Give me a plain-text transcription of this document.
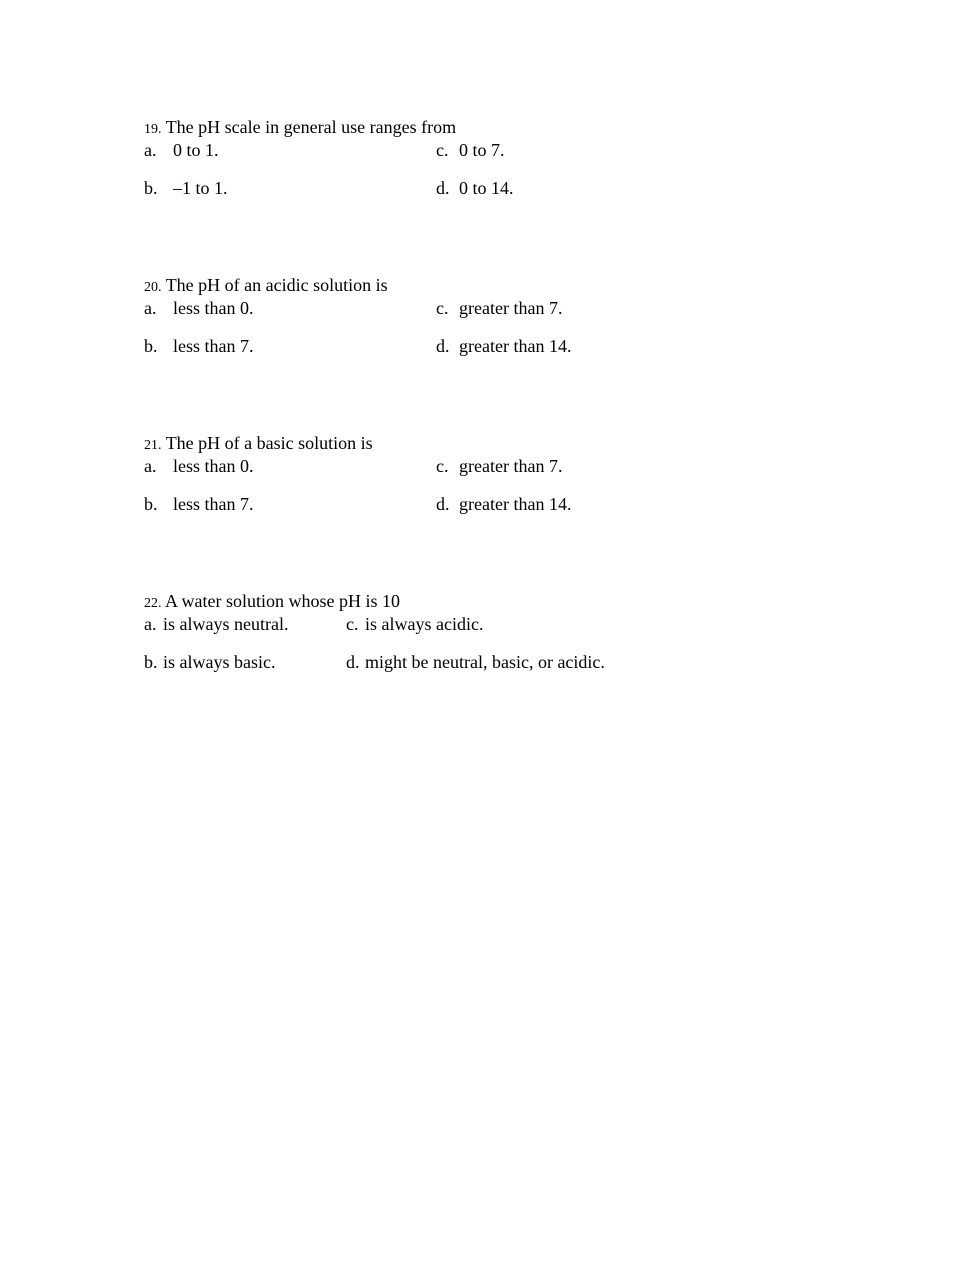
19. The pH scale in general use ranges from
a. 0 to 1.	c. 0 to 7.
b. –1 to 1.	d. 0 to 14.
20. The pH of an acidic solution is
a. less than 0.	c. greater than 7.
b. less than 7.	d. greater than 14.
21. The pH of a basic solution is
a. less than 0.	c. greater than 7.
b. less than 7.	d. greater than 14.
22. A water solution whose pH is 10
a. is always neutral.	c. is always acidic.
b. is always basic.	d. might be neutral, basic, or acidic.
